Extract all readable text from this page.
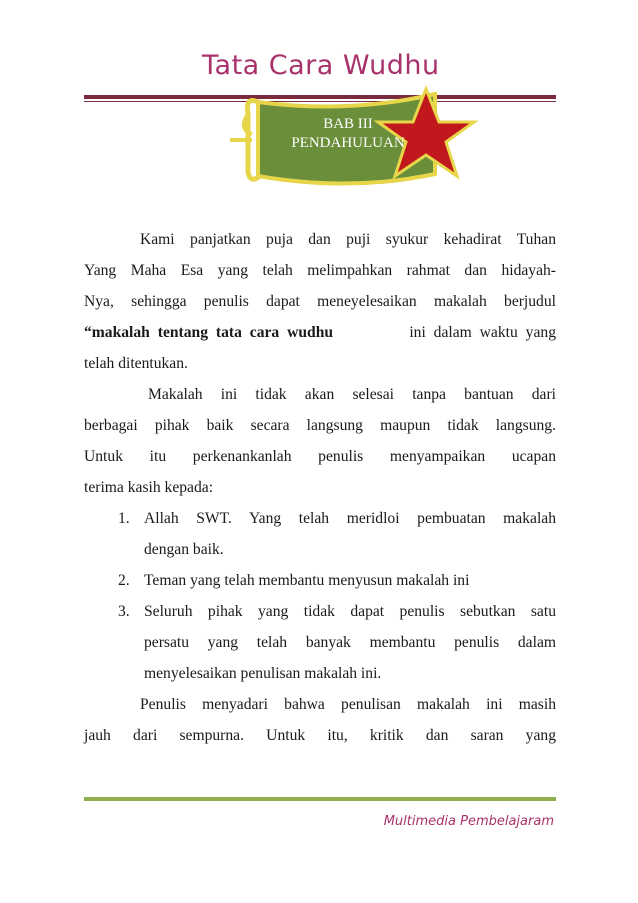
Tata Cara Wudhu
BAB III
PENDAHULUAN
Kami panjatkan puja dan puji syukur kehadirat Tuhan
Yang Maha Esa yang telah melimpahkan rahmat dan hidayah-
Nya, sehingga penulis dapat meneyelesaikan makalah berjudul
“makalah tentang tata cara wudhu	ini dalam waktu yang
telah ditentukan.
Makalah ini tidak akan selesai tanpa bantuan dari
berbagai pihak baik secara langsung maupun tidak langsung.
Untuk itu perkenankanlah penulis menyampaikan ucapan
terima kasih kepada:
1. Allah SWT. Yang telah meridloi pembuatan makalah
dengan baik.
2. Teman yang telah membantu menyusun makalah ini
3. Seluruh pihak yang tidak dapat penulis sebutkan satu
persatu yang telah banyak membantu penulis dalam
menyelesaikan penulisan makalah ini.
Penulis menyadari bahwa penulisan makalah ini masih
jauh dari sempurna. Untuk itu, kritik dan saran yang
Multimedia Pembelajaram
